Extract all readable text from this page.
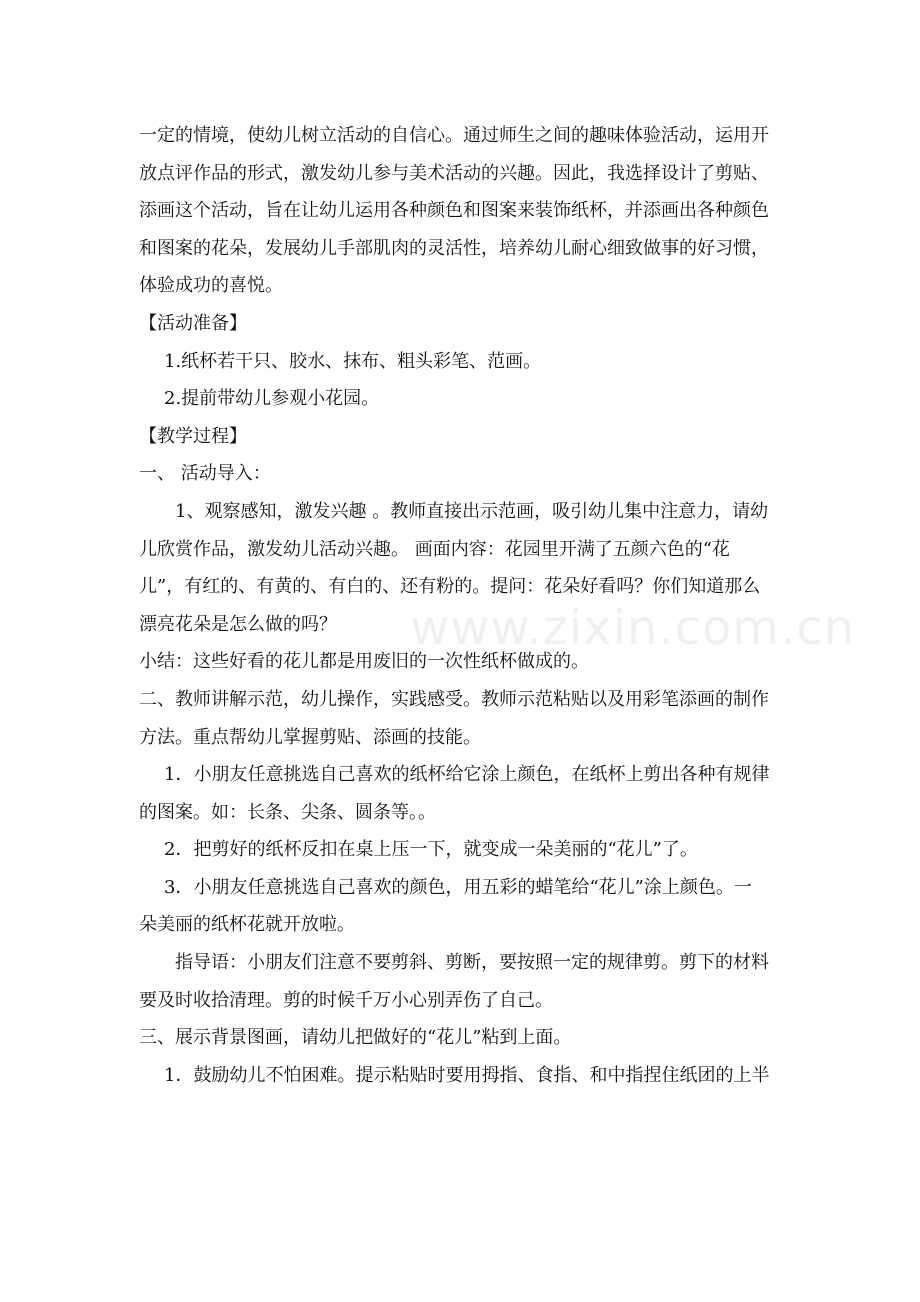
www.zixin.com.cn
一定的情境，使幼儿树立活动的自信心。通过师生之间的趣味体验活动，运用开
放点评作品的形式，激发幼儿参与美术活动的兴趣。因此，我选择设计了剪贴、
添画这个活动，旨在让幼儿运用各种颜色和图案来装饰纸杯，并添画出各种颜色
和图案的花朵，发展幼儿手部肌肉的灵活性，培养幼儿耐心细致做事的好习惯，
体验成功的喜悦。
【活动准备】
1.纸杯若干只、胶水、抹布、粗头彩笔、范画。
2.提前带幼儿参观小花园。
【教学过程】
一、 活动导入：
1、观察感知，激发兴趣 。教师直接出示范画，吸引幼儿集中注意力，请幼
儿欣赏作品，激发幼儿活动兴趣。 画面内容：花园里开满了五颜六色的“花
儿”，有红的、有黄的、有白的、还有粉的。提问：花朵好看吗？你们知道那么
漂亮花朵是怎么做的吗？
小结：这些好看的花儿都是用废旧的一次性纸杯做成的。
二、教师讲解示范，幼儿操作，实践感受。教师示范粘贴以及用彩笔添画的制作
方法。重点帮幼儿掌握剪贴、添画的技能。
1．小朋友任意挑选自己喜欢的纸杯给它涂上颜色，在纸杯上剪出各种有规律
的图案。如：长条、尖条、圆条等。。
2．把剪好的纸杯反扣在桌上压一下，就变成一朵美丽的“花儿”了。
3．小朋友任意挑选自己喜欢的颜色，用五彩的蜡笔给“花儿”涂上颜色。一
朵美丽的纸杯花就开放啦。
指导语：小朋友们注意不要剪斜、剪断，要按照一定的规律剪。剪下的材料
要及时收拾清理。剪的时候千万小心别弄伤了自己。
三、展示背景图画，请幼儿把做好的“花儿”粘到上面。
1．鼓励幼儿不怕困难。提示粘贴时要用拇指、食指、和中指捏住纸团的上半
